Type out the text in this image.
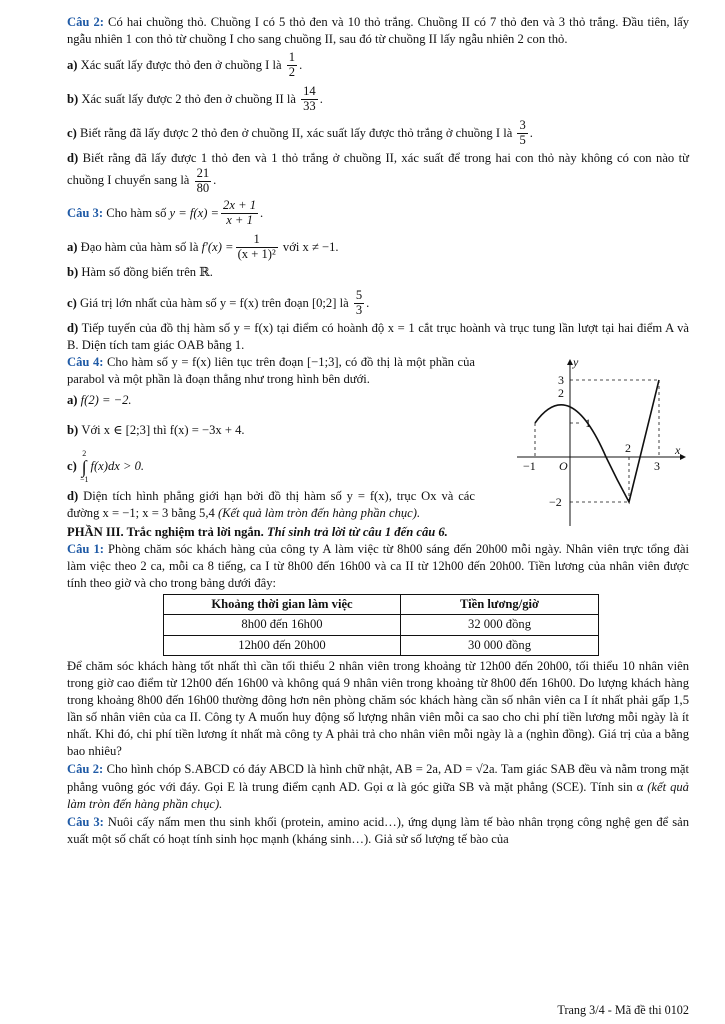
Câu 2: Có hai chuồng thỏ. Chuồng I có 5 thỏ đen và 10 thỏ trắng. Chuồng II có 7 thỏ đen và 3 thỏ trắng. Đầu tiên, lấy ngẫu nhiên 1 con thỏ từ chuồng I cho sang chuồng II, sau đó từ chuồng II lấy ngẫu nhiên 2 con thỏ.

a)
Xác suất lấy được thỏ đen ở chuồng I là
$\frac{1}{2}$ .
b)
Xác suất lấy được 2 thỏ đen ở chuồng II là
$\frac{14}{33}$ .
c)
Biết rằng đã lấy được 2 thỏ đen ở chuồng II, xác suất lấy được thỏ trắng ở chuồng I là
$\frac{3}{5}$ .

d) Biết rằng đã lấy được 1 thỏ đen và 1 thỏ trắng ở chuồng II, xác suất để trong hai con thỏ này không có con nào từ chuồng I chuyển sang là $\frac{21}{80}$ .

Câu 3:
Cho hàm số
$y = f(x) = \frac{2x + 1}{x + 1}$ .
a)
Đạo hàm của hàm số là
$f'(x) = \frac{1}{\text{(x + 1)²}}$
với x ≠ −1.
b) Hàm số đồng biến trên ℝ.
c)
Giá trị lớn nhất của hàm số y = f(x) trên đoạn [0;2] là
$\frac{5}{3}$ .

d) Tiếp tuyến của đồ thị hàm số y = f(x) tại điểm có hoành độ x = 1 cắt trục hoành và trục tung lần lượt tại hai điểm A và B. Diện tích tam giác OAB bằng 1.

Câu 4: Cho hàm số y = f(x) liên tục trên đoạn [−1;3], có đồ thị là một phần của parabol và một phần là đoạn thẳng như trong hình bên dưới.

a) f(2) = −2.
b) Với x ∈ [2;3] thì f(x) = −3x + 4.
c)

2
∫
−1
f(x)dx > 0.

d) Diện tích hình phẳng giới hạn bởi đồ thị hàm số y = f(x), trục Ox và các đường x = −1; x = 3 bằng 5,4 (Kết quả làm tròn đến hàng phần chục).

y
x
O
3
2
1
−2
−1
2
3

PHẦN III. Trắc nghiệm trả lời ngắn. Thí sinh trả lời từ câu 1 đến câu 6.

Câu 1: Phòng chăm sóc khách hàng của công ty A làm việc từ 8h00 sáng đến 20h00 mỗi ngày. Nhân viên trực tổng đài làm việc theo 2 ca, mỗi ca 8 tiếng, ca I từ 8h00 đến 16h00 và ca II từ 12h00 đến 20h00. Tiền lương của nhân viên được tính theo giờ và cho trong bảng dưới đây:

Khoảng thời gian làm việc	Tiền lương/giờ
8h00 đến 16h00	32 000 đồng
12h00 đến 20h00	30 000 đồng

Để chăm sóc khách hàng tốt nhất thì cần tối thiểu 2 nhân viên trong khoảng từ 12h00 đến 20h00, tối thiểu 10 nhân viên trong giờ cao điểm từ 12h00 đến 16h00 và không quá 9 nhân viên trong khoảng từ 8h00 đến 16h00. Do lượng khách hàng trong khoảng 8h00 đến 16h00 thường đông hơn nên phòng chăm sóc khách hàng cần số nhân viên ca I ít nhất phải gấp 1,5 lần số nhân viên của ca II. Công ty A muốn huy động số lượng nhân viên mỗi ca sao cho chi phí tiền lương mỗi ngày là ít nhất. Khi đó, chi phí tiền lương ít nhất mà công ty A phải trả cho nhân viên mỗi ngày là a (nghìn đồng). Giá trị của a bằng bao nhiêu?

Câu 2: Cho hình chóp S.ABCD có đáy ABCD là hình chữ nhật, AB = 2a, AD = √2a. Tam giác SAB đều và nằm trong mặt phẳng vuông góc với đáy. Gọi E là trung điểm cạnh AD. Gọi α là góc giữa SB và mặt phẳng (SCE). Tính sin α (kết quả làm tròn đến hàng phần chục).

Câu 3: Nuôi cấy nấm men thu sinh khối (protein, amino acid…), ứng dụng làm tế bào nhân trọng công nghệ gen để sản xuất một số chất có hoạt tính sinh học mạnh (kháng sinh…). Giả sử số lượng tế bào của

Trang 3/4 - Mã đề thi 0102
